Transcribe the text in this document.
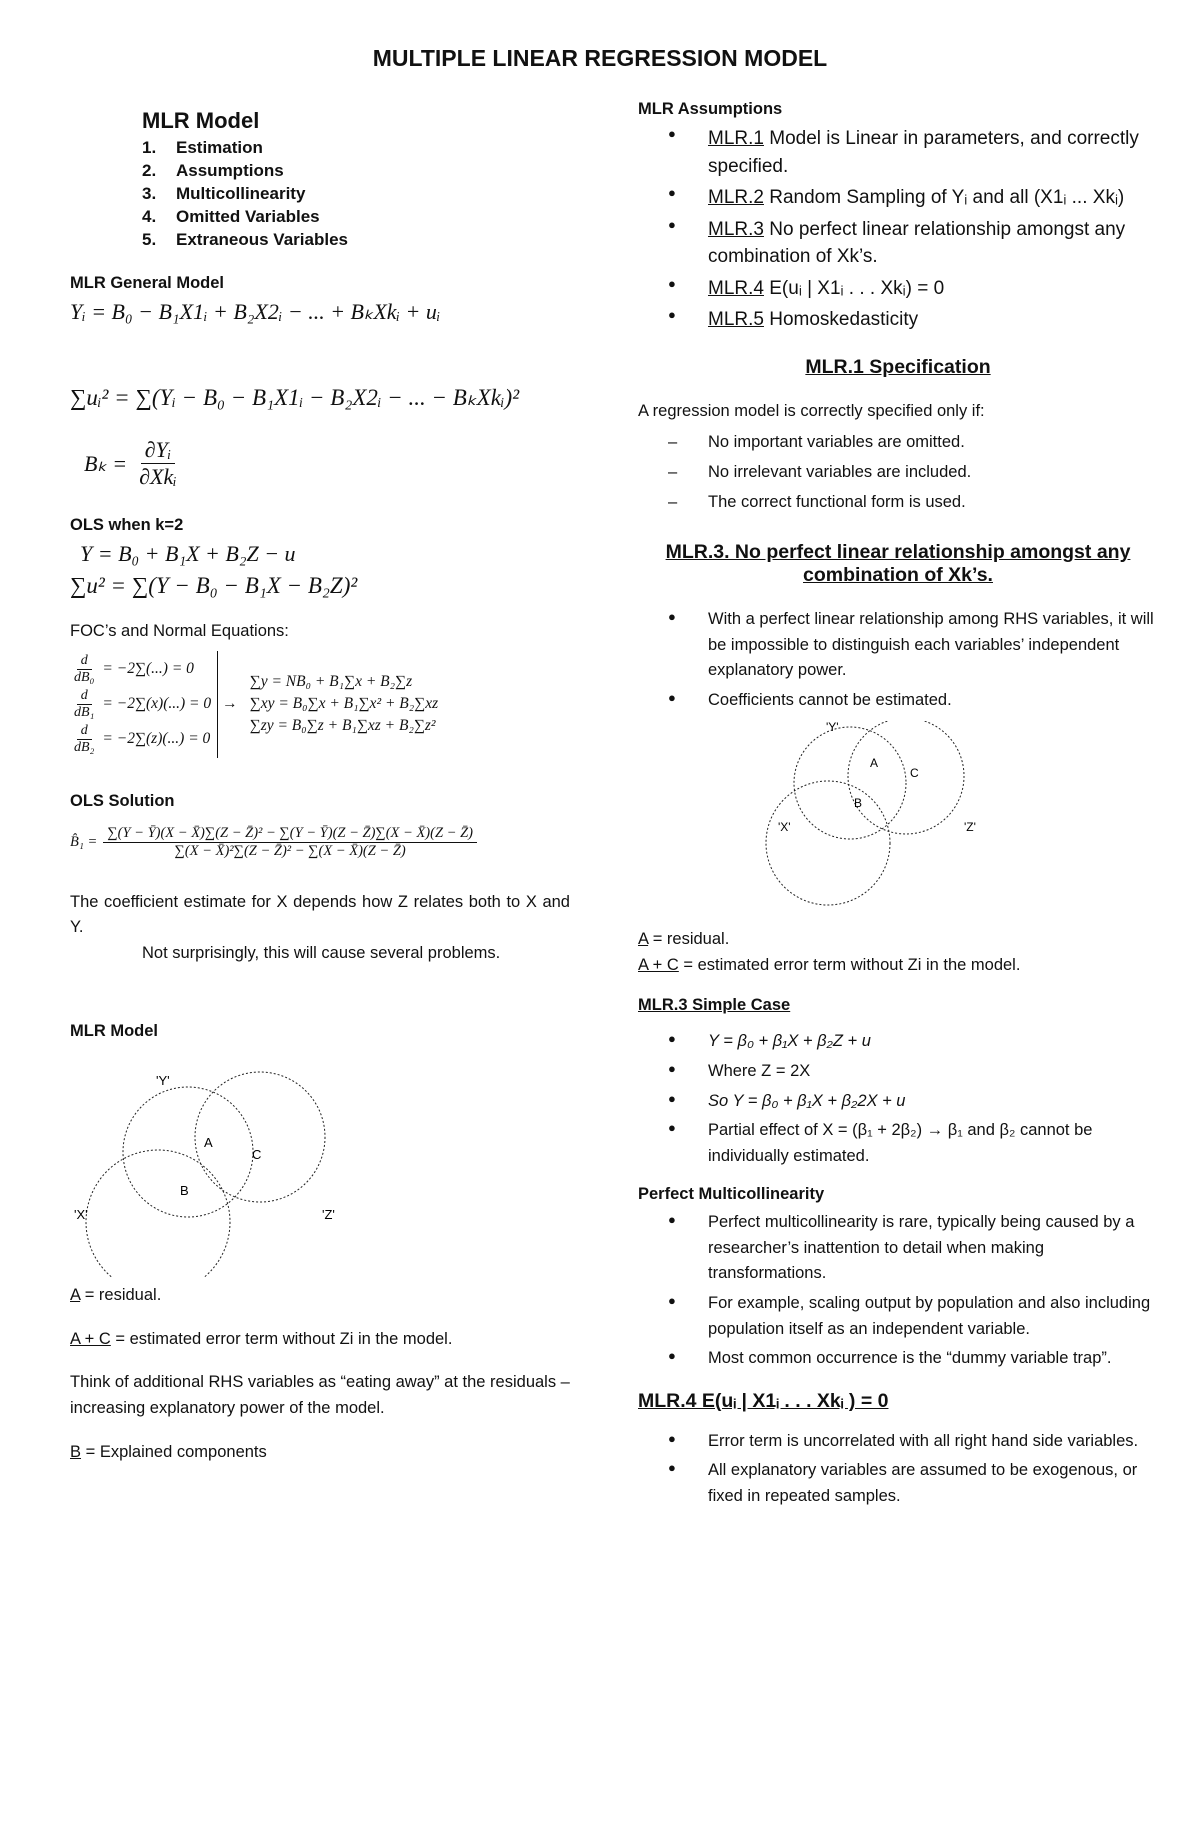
MULTIPLE LINEAR REGRESSION MODEL
MLR Model
1. Estimation
2. Assumptions
3. Multicollinearity
4. Omitted Variables
5. Extraneous Variables
MLR General Model
Yᵢ = B₀ − B₁X1ᵢ + B₂X2ᵢ − ... + BₖXkᵢ + uᵢ
∑uᵢ² = ∑(Yᵢ − B₀ − B₁X1ᵢ − B₂X2ᵢ − ... − BₖXkᵢ)²
Bₖ =
∂Yᵢ
∂Xkᵢ
OLS when k=2
Y = B₀ + B₁X + B₂Z − u
∑u² = ∑(Y − B₀ − B₁X − B₂Z)²
FOC’s and Normal Equations:
$\frac{d}{\text{dB₀}} = -2\sum(...) = 0$
$\frac{d}{\text{dB₁}} = -2\sum(x)(...) = 0$
$\frac{d}{\text{dB₂}} = -2\sum(z)(...) = 0$
→
∑y = NB₀ + B₁∑x + B₂∑z
∑xy = B₀∑x + B₁∑x² + B₂∑xz
∑zy = B₀∑z + B₁∑xz + B₂∑z²
OLS Solution
B̂₁ =
∑(Y − Ȳ)(X − X̄)∑(Z − Z̄)² − ∑(Y − Ȳ)(Z − Z̄)∑(X − X̄)(Z − Z̄)
∑(X − X̄)²∑(Z − Z̄)² − ∑(X − X̄)(Z − Z̄)
The coefficient estimate for X depends how Z relates both to X and Y.
Not surprisingly, this will cause several problems.
MLR Model
'Y'
A
C
B
'X'	'Z'
A = residual.
A + C = estimated error term without Zi in the model.
Think of additional RHS variables as “eating away” at the residuals – increasing explanatory power of the model.
B = Explained components
MLR Assumptions
● MLR.1 Model is Linear in parameters, and correctly specified.
● MLR.2 Random Sampling of Yᵢ and all (X1ᵢ ... Xkᵢ)
● MLR.3 No perfect linear relationship amongst any combination of Xk’s.
● MLR.4 E(uᵢ | X1ᵢ . . . Xkᵢ) = 0
● MLR.5 Homoskedasticity
MLR.1 Specification
A regression model is correctly specified only if:
– No important variables are omitted.
– No irrelevant variables are included.
– The correct functional form is used.
MLR.3. No perfect linear relationship amongst any combination of Xk’s.
● With a perfect linear relationship among RHS variables, it will be impossible to distinguish each variables’ independent explanatory power.
● Coefficients cannot be estimated.
'Y'
A
C
B
'X'	'Z'
A = residual.
A + C = estimated error term without Zi in the model.
MLR.3 Simple Case
● Y = β₀ + β₁X + β₂Z + u
● Where Z = 2X
● So Y = β₀ + β₁X + β₂2X + u
● Partial effect of X = (β₁ + 2β₂) → β₁ and β₂ cannot be individually estimated.
Perfect Multicollinearity
● Perfect multicollinearity is rare, typically being caused by a researcher’s inattention to detail when making transformations.
● For example, scaling output by population and also including population itself as an independent variable.
● Most common occurrence is the “dummy variable trap”.
MLR.4 E(uᵢ | X1ᵢ . . . Xkᵢ ) = 0
● Error term is uncorrelated with all right hand side variables.
● All explanatory variables are assumed to be exogenous, or fixed in repeated samples.
